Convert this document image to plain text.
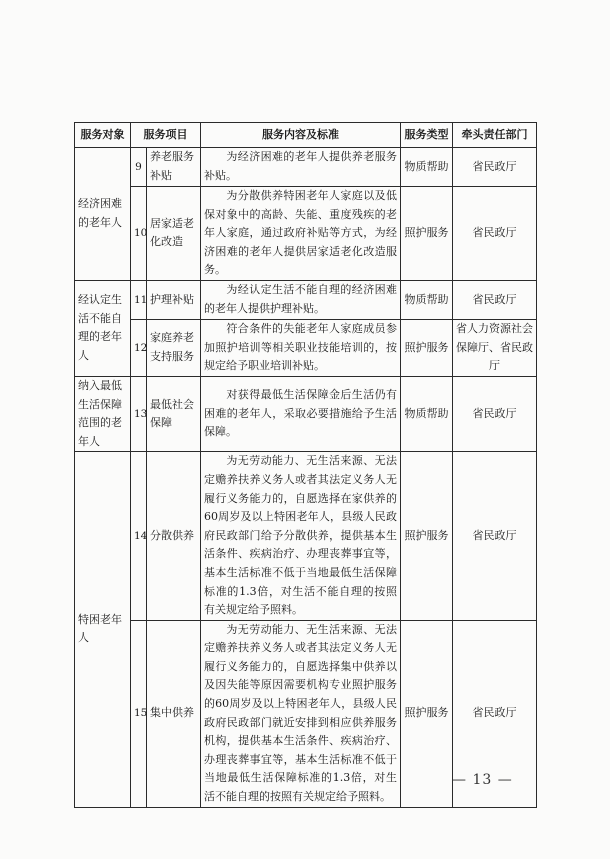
服务对象	服务项目		服务内容及标准	服务类型	牵头责任部门
经济困难的老年人	9	养老服务补贴	为经济困难的老年人提供养老服务补贴。	物质帮助	省民政厅
	10	居家适老化改造	为分散供养特困老年人家庭以及低保对象中的高龄、失能、重度残疾的老年人家庭，通过政府补贴等方式，为经济困难的老年人提供居家适老化改造服务。	照护服务	省民政厅
经认定生活不能自理的老年人	11	护理补贴	为经认定生活不能自理的经济困难的老年人提供护理补贴。	物质帮助	省民政厅
	12	家庭养老支持服务	符合条件的失能老年人家庭成员参加照护培训等相关职业技能培训的，按规定给予职业培训补贴。	照护服务	省人力资源社会保障厅、省民政厅
纳入最低生活保障范围的老年人	13	最低社会保障	对获得最低生活保障金后生活仍有困难的老年人，采取必要措施给予生活保障。	物质帮助	省民政厅
特困老年人	14	分散供养	为无劳动能力、无生活来源、无法定赡养扶养义务人或者其法定义务人无履行义务能力的，自愿选择在家供养的60周岁及以上特困老年人，县级人民政府民政部门给予分散供养，提供基本生活条件、疾病治疗、办理丧葬事宜等，基本生活标准不低于当地最低生活保障标准的1.3倍，对生活不能自理的按照有关规定给予照料。	照护服务	省民政厅
	15	集中供养	为无劳动能力、无生活来源、无法定赡养扶养义务人或者其法定义务人无履行义务能力的，自愿选择集中供养以及因失能等原因需要机构专业照护服务的60周岁及以上特困老年人，县级人民政府民政部门就近安排到相应供养服务机构，提供基本生活条件、疾病治疗、办理丧葬事宜等，基本生活标准不低于当地最低生活保障标准的1.3倍，对生活不能自理的按照有关规定给予照料。	照护服务	省民政厅
— 13 —
